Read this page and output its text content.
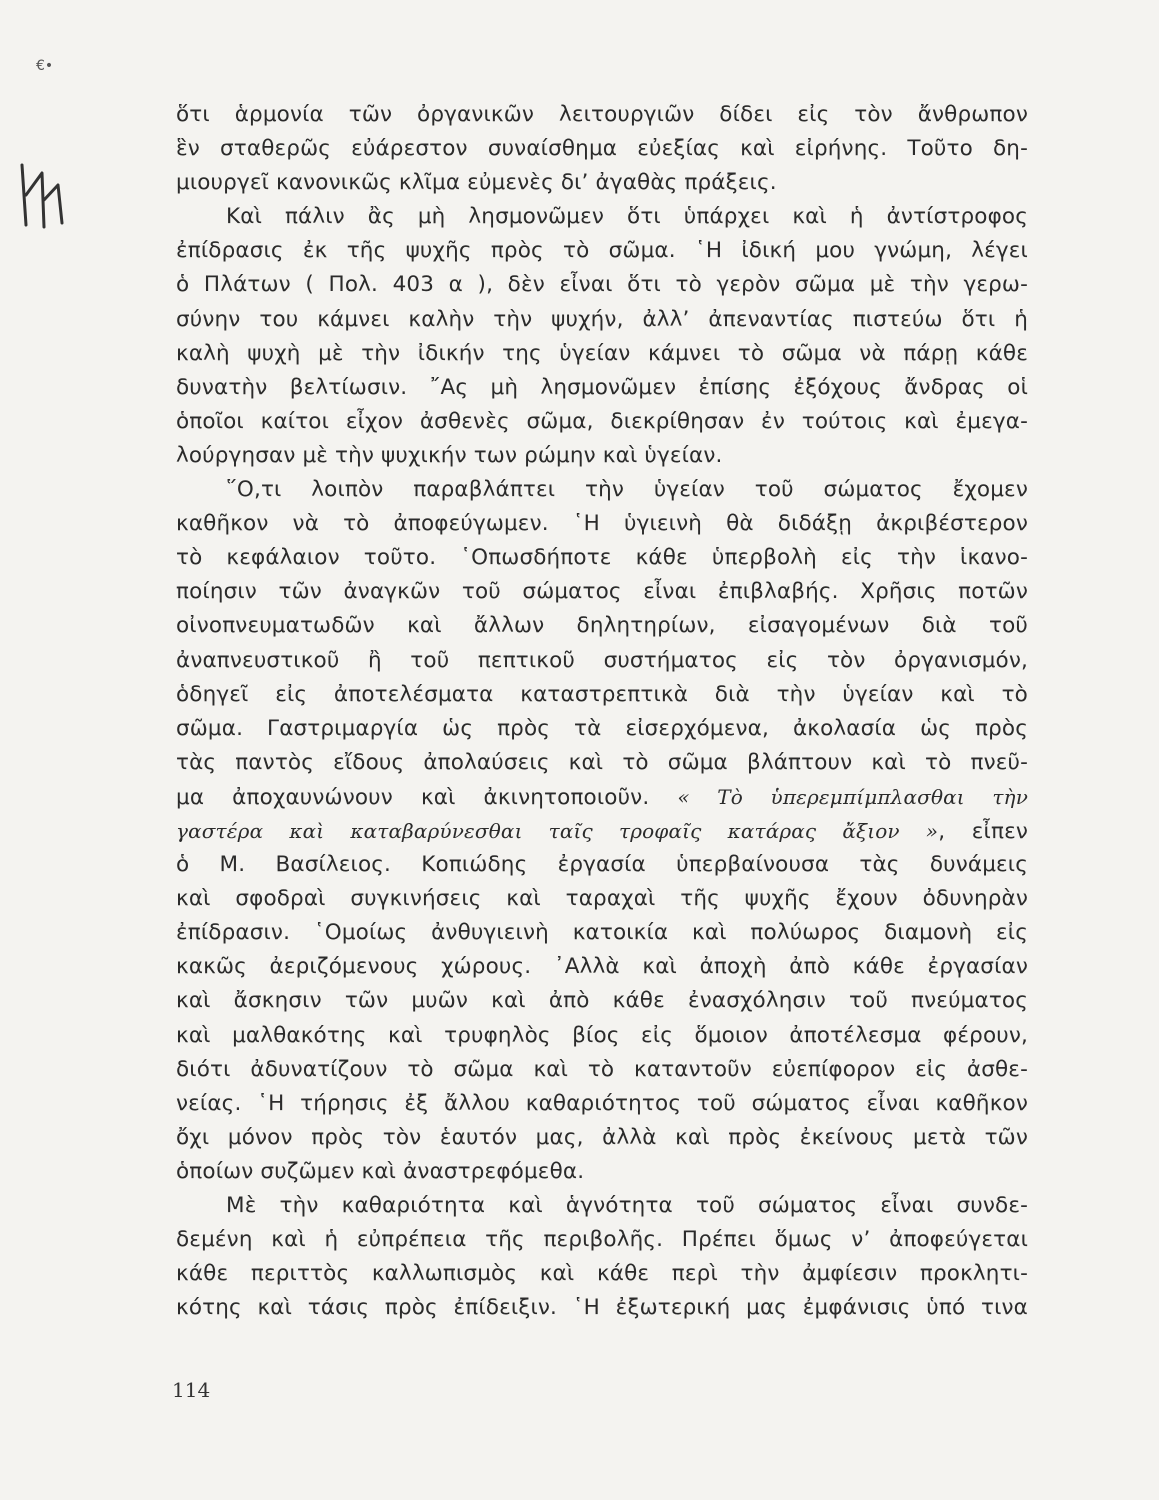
€•
ὅτι ἁρμονία τῶν ὀργανικῶν λειτουργιῶν δίδει εἰς τὸν ἄνθρωπον
ἓν σταθερῶς εὐάρεστον συναίσθημα εὐεξίας καὶ εἰρήνης. Τοῦτο δη-
μιουργεῖ κανονικῶς κλῖμα εὐμενὲς δι’ ἀγαθὰς πράξεις.
Καὶ πάλιν ἂς μὴ λησμονῶμεν ὅτι ὑπάρχει καὶ ἡ ἀντίστροφος
ἐπίδρασις ἐκ τῆς ψυχῆς πρὸς τὸ σῶμα. ῾Η ἰδική μου γνώμη, λέγει
ὁ Πλάτων ( Πολ. 403 α ), δὲν εἶναι ὅτι τὸ γερὸν σῶμα μὲ τὴν γερω-
σύνην του κάμνει καλὴν τὴν ψυχήν, ἀλλ’ ἀπεναντίας πιστεύω ὅτι ἡ
καλὴ ψυχὴ μὲ τὴν ἰδικήν της ὑγείαν κάμνει τὸ σῶμα νὰ πάρῃ κάθε
δυνατὴν βελτίωσιν. ῎Ας μὴ λησμονῶμεν ἐπίσης ἐξόχους ἄνδρας οἱ
ὁποῖοι καίτοι εἶχον ἀσθενὲς σῶμα, διεκρίθησαν ἐν τούτοις καὶ ἐμεγα-
λούργησαν μὲ τὴν ψυχικήν των ρώμην καὶ ὑγείαν.
῞Ο,τι λοιπὸν παραβλάπτει τὴν ὑγείαν τοῦ σώματος ἔχομεν
καθῆκον νὰ τὸ ἀποφεύγωμεν. ῾Η ὑγιεινὴ θὰ διδάξῃ ἀκριβέστερον
τὸ κεφάλαιον τοῦτο. ῾Οπωσδήποτε κάθε ὑπερβολὴ εἰς τὴν ἱκανο-
ποίησιν τῶν ἀναγκῶν τοῦ σώματος εἶναι ἐπιβλαβής. Χρῆσις ποτῶν
οἰνοπνευματωδῶν καὶ ἄλλων δηλητηρίων, εἰσαγομένων διὰ τοῦ
ἀναπνευστικοῦ ἢ τοῦ πεπτικοῦ συστήματος εἰς τὸν ὀργανισμόν,
ὁδηγεῖ εἰς ἀποτελέσματα καταστρεπτικὰ διὰ τὴν ὑγείαν καὶ τὸ
σῶμα. Γαστριμαργία ὡς πρὸς τὰ εἰσερχόμενα, ἀκολασία ὡς πρὸς
τὰς παντὸς εἴδους ἀπολαύσεις καὶ τὸ σῶμα βλάπτουν καὶ τὸ πνεῦ-
μα ἀποχαυνώνουν καὶ ἀκινητοποιοῦν. « Τὸ ὑπερεμπίμπλασθαι τὴν
γαστέρα καὶ καταβαρύνεσθαι ταῖς τροφαῖς κατάρας ἄξιον », εἶπεν
ὁ Μ. Βασίλειος. Κοπιώδης ἐργασία ὑπερβαίνουσα τὰς δυνάμεις
καὶ σφοδραὶ συγκινήσεις καὶ ταραχαὶ τῆς ψυχῆς ἔχουν ὀδυνηρὰν
ἐπίδρασιν. ῾Ομοίως ἀνθυγιεινὴ κατοικία καὶ πολύωρος διαμονὴ εἰς
κακῶς ἀεριζόμενους χώρους. ᾿Αλλὰ καὶ ἀποχὴ ἀπὸ κάθε ἐργασίαν
καὶ ἄσκησιν τῶν μυῶν καὶ ἀπὸ κάθε ἐνασχόλησιν τοῦ πνεύματος
καὶ μαλθακότης καὶ τρυφηλὸς βίος εἰς ὅμοιον ἀποτέλεσμα φέρουν,
διότι ἀδυνατίζουν τὸ σῶμα καὶ τὸ καταντοῦν εὐεπίφορον εἰς ἀσθε-
νείας. ῾Η τήρησις ἐξ ἄλλου καθαριότητος τοῦ σώματος εἶναι καθῆκον
ὄχι μόνον πρὸς τὸν ἑαυτόν μας, ἀλλὰ καὶ πρὸς ἐκείνους μετὰ τῶν
ὁποίων συζῶμεν καὶ ἀναστρεφόμεθα.
Μὲ τὴν καθαριότητα καὶ ἁγνότητα τοῦ σώματος εἶναι συνδε-
δεμένη καὶ ἡ εὐπρέπεια τῆς περιβολῆς. Πρέπει ὅμως ν’ ἀποφεύγεται
κάθε περιττὸς καλλωπισμὸς καὶ κάθε περὶ τὴν ἀμφίεσιν προκλητι-
κότης καὶ τάσις πρὸς ἐπίδειξιν. ῾Η ἐξωτερική μας ἐμφάνισις ὑπό τινα
114
